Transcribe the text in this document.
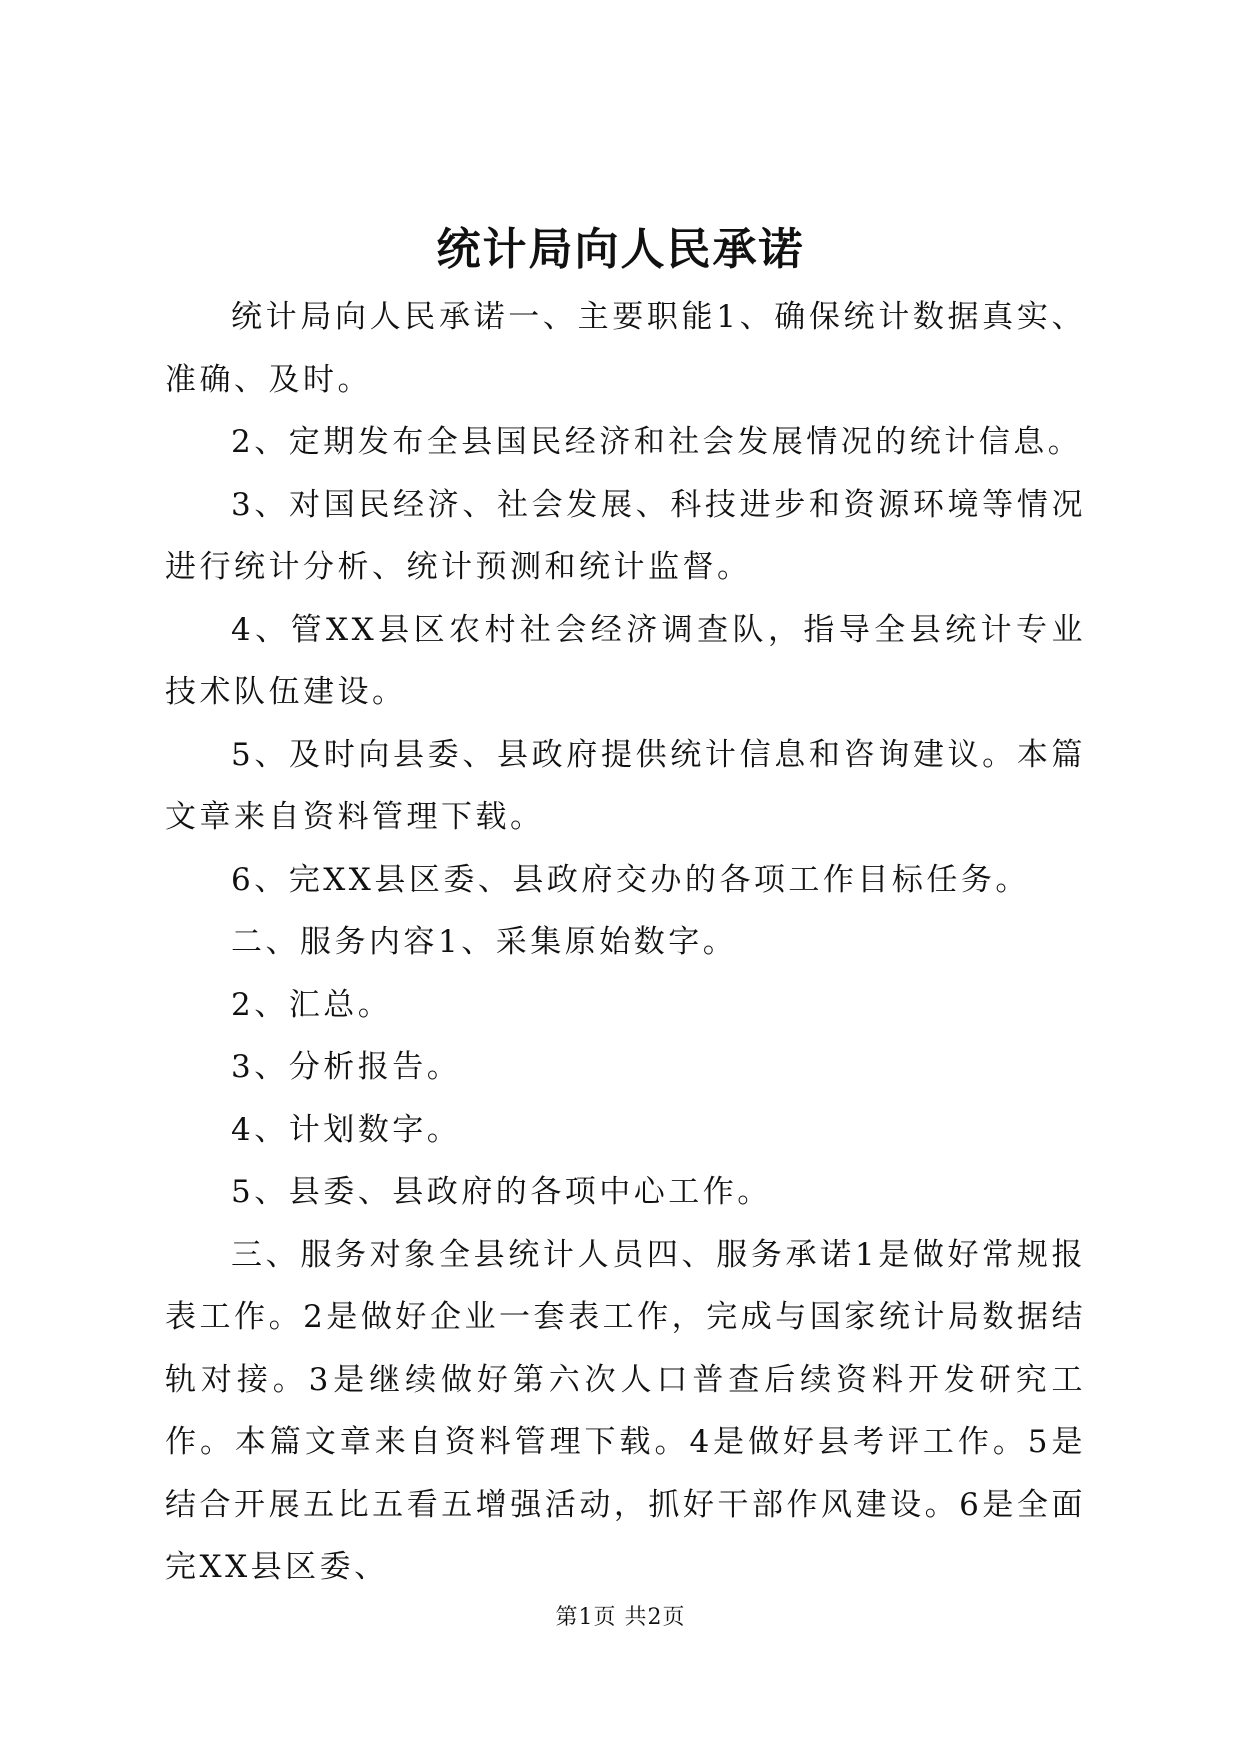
统计局向人民承诺

统计局向人民承诺一、主要职能1、确保统计数据真实、准确、及时。

2、定期发布全县国民经济和社会发展情况的统计信息。

3、对国民经济、社会发展、科技进步和资源环境等情况进行统计分析、统计预测和统计监督。

4、管XX县区农村社会经济调查队，指导全县统计专业技术队伍建设。

5、及时向县委、县政府提供统计信息和咨询建议。本篇文章来自资料管理下载。

6、完XX县区委、县政府交办的各项工作目标任务。

二、服务内容1、采集原始数字。

2、汇总。

3、分析报告。

4、计划数字。

5、县委、县政府的各项中心工作。

三、服务对象全县统计人员四、服务承诺1是做好常规报表工作。2是做好企业一套表工作，完成与国家统计局数据结轨对接。3是继续做好第六次人口普查后续资料开发研究工作。本篇文章来自资料管理下载。4是做好县考评工作。5是结合开展五比五看五增强活动，抓好干部作风建设。6是全面完XX县区委、

第1页 共2页
